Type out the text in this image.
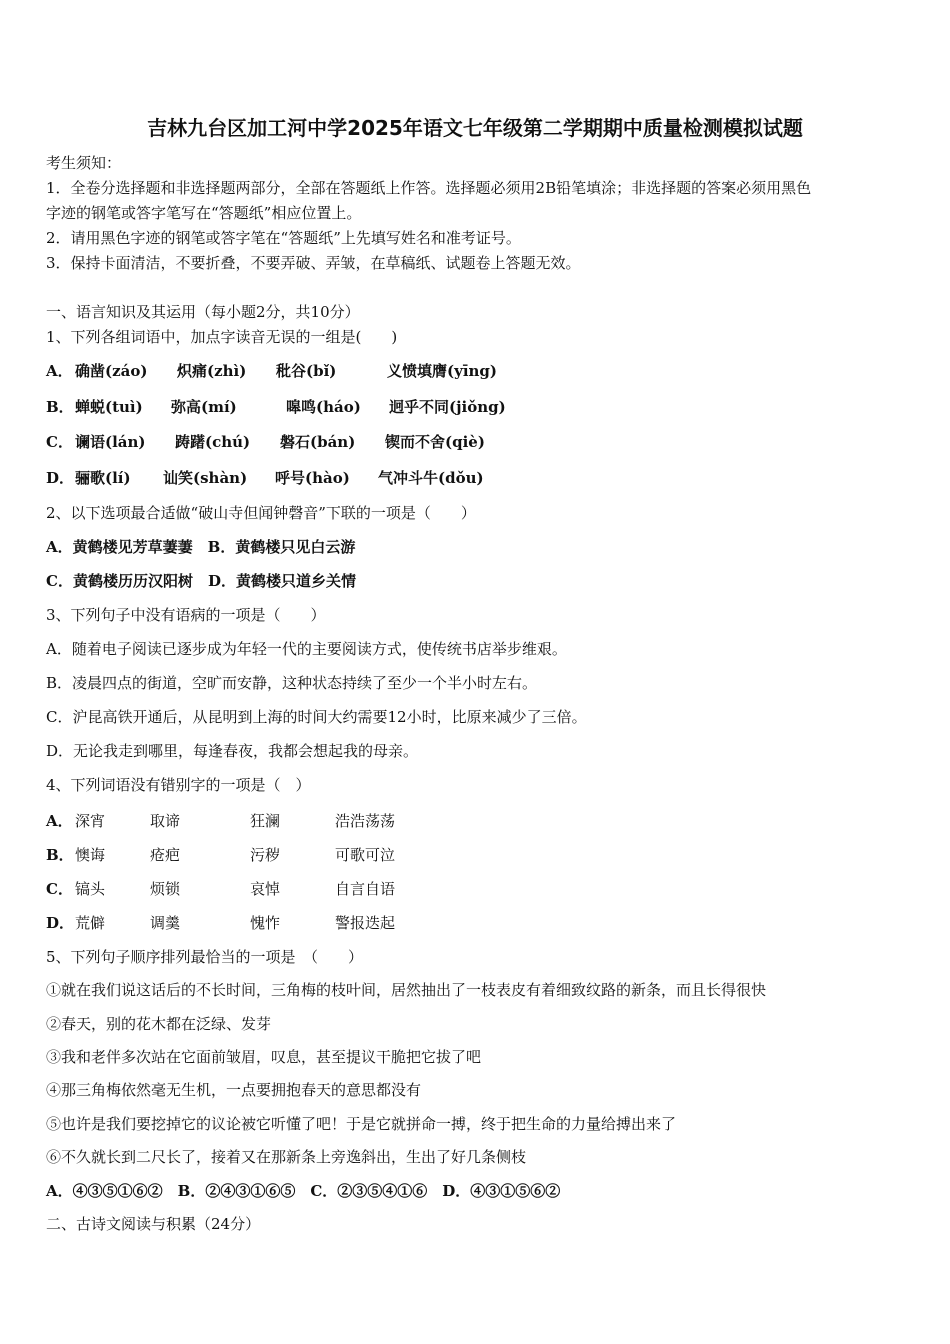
吉林九台区加工河中学2025年语文七年级第二学期期中质量检测模拟试题
考生须知：
1．全卷分选择题和非选择题两部分，全部在答题纸上作答。选择题必须用2B铅笔填涂；非选择题的答案必须用黑色
字迹的钢笔或答字笔写在“答题纸”相应位置上。
2．请用黑色字迹的钢笔或答字笔在“答题纸”上先填写姓名和准考证号。
3．保持卡面清洁，不要折叠，不要弄破、弄皱，在草稿纸、试题卷上答题无效。
一、语言知识及其运用（每小题2分，共10分）
1、下列各组词语中，加点字读音无误的一组是(　　)
A． 确凿(záo) 炽痛(zhì) 秕谷(bǐ)	义愤填膺(yīng)
B． 蝉蜕(tuì) 弥高(mí)	嗥鸣(háo) 迥乎不同(jiǒng)
C． 谰语(lán) 踌躇(chú) 磐石(bán) 锲而不舍(qiè)
D． 骊歌(lí) 讪笑(shàn) 呼号(hào) 气冲斗牛(dǒu)
2、以下选项最合适做“破山寺但闻钟磬音”下联的一项是（　　）
A．黄鹤楼见芳草萋萋　B．黄鹤楼只见白云游
C．黄鹤楼历历汉阳树　D．黄鹤楼只道乡关情
3、下列句子中没有语病的一项是（　　）
A．随着电子阅读已逐步成为年轻一代的主要阅读方式，使传统书店举步维艰。
B．凌晨四点的街道，空旷而安静，这种状态持续了至少一个半小时左右。
C．沪昆高铁开通后，从昆明到上海的时间大约需要12小时，比原来减少了三倍。
D．无论我走到哪里，每逢春夜，我都会想起我的母亲。
4、下列词语没有错别字的一项是（　）
A． 深宵	取谛	狂澜	浩浩荡荡
B． 懊诲	疮疤	污秽	可歌可泣
C． 镐头	烦锁	哀悼	自言自语
D． 荒僻	调羹	愧怍	警报迭起
5、下列句子顺序排列最恰当的一项是　（　　）
①就在我们说这话后的不长时间，三角梅的枝叶间，居然抽出了一枝表皮有着细致纹路的新条，而且长得很快
②春天，别的花木都在泛绿、发芽
③我和老伴多次站在它面前皱眉，叹息，甚至提议干脆把它拔了吧
④那三角梅依然毫无生机，一点要拥抱春天的意思都没有
⑤也许是我们要挖掉它的议论被它听懂了吧！于是它就拼命一搏，终于把生命的力量给搏出来了
⑥不久就长到二尺长了，接着又在那新条上旁逸斜出，生出了好几条侧枝
A．④③⑤①⑥②　B．②④③①⑥⑤　C．②③⑤④①⑥　D．④③①⑤⑥②
二、古诗文阅读与积累（24分）
